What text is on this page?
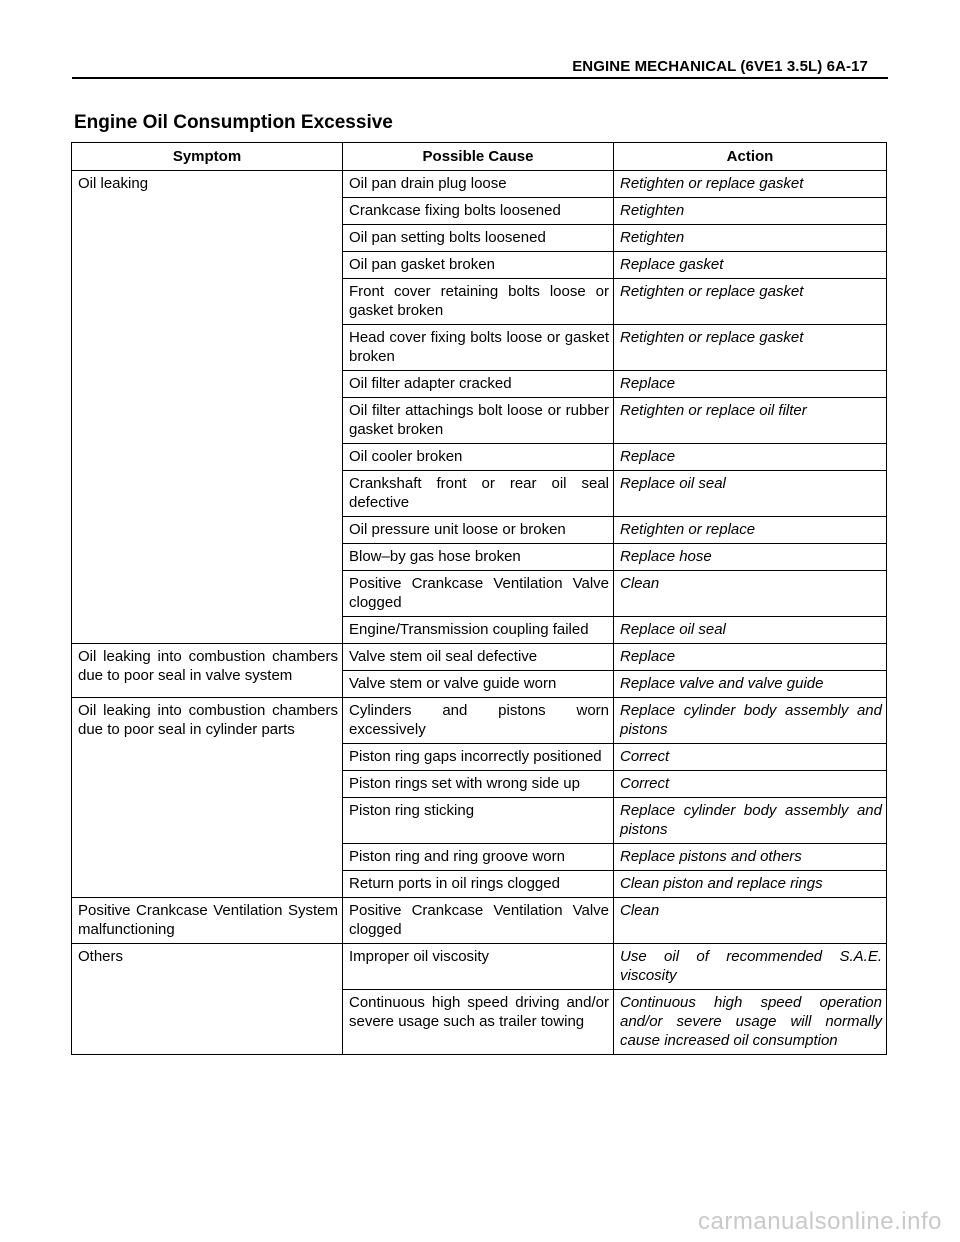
ENGINE MECHANICAL (6VE1 3.5L) 6A-17
Engine Oil Consumption Excessive
Symptom	Possible Cause	Action
Oil leaking	Oil pan drain plug loose	Retighten or replace gasket
	Crankcase fixing bolts loosened	Retighten
	Oil pan setting bolts loosened	Retighten
	Oil pan gasket broken	Replace gasket
	Front cover retaining bolts loose or gasket broken	Retighten or replace gasket
	Head cover fixing bolts loose or gasket broken	Retighten or replace gasket
	Oil filter adapter cracked	Replace
	Oil filter attachings bolt loose or rubber gasket broken	Retighten or replace oil filter
	Oil cooler broken	Replace
	Crankshaft front or rear oil seal defective	Replace oil seal
	Oil pressure unit loose or broken	Retighten or replace
	Blow–by gas hose broken	Replace hose
	Positive Crankcase Ventilation Valve clogged	Clean
	Engine/Transmission coupling failed	Replace oil seal
Oil leaking into combustion chambers due to poor seal in valve system	Valve stem oil seal defective	Replace
	Valve stem or valve guide worn	Replace valve and valve guide
Oil leaking into combustion chambers due to poor seal in cylinder parts	Cylinders and pistons worn excessively	Replace cylinder body assembly and pistons
	Piston ring gaps incorrectly positioned	Correct
	Piston rings set with wrong side up	Correct
	Piston ring sticking	Replace cylinder body assembly and pistons
	Piston ring and ring groove worn	Replace pistons and others
	Return ports in oil rings clogged	Clean piston and replace rings
Positive Crankcase Ventilation System malfunctioning	Positive Crankcase Ventilation Valve clogged	Clean
Others	Improper oil viscosity	Use oil of recommended S.A.E. viscosity
	Continuous high speed driving and/or severe usage such as trailer towing	Continuous high speed operation and/or severe usage will normally cause increased oil consumption
carmanualsonline.info
